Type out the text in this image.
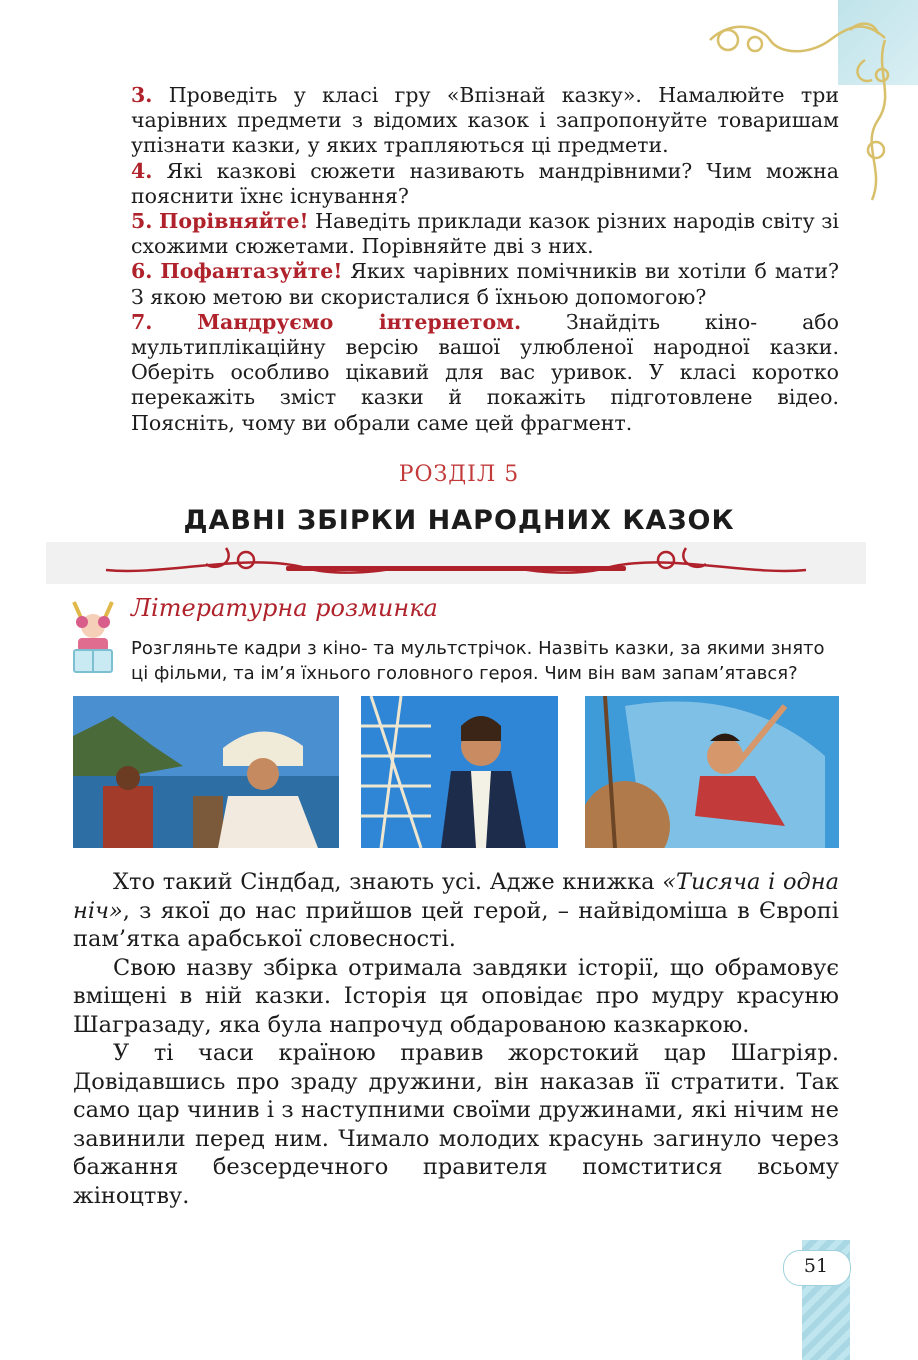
3. Проведіть у класі гру «Впізнай казку». Намалюйте три чарівних предмети з відомих казок і запропонуйте товаришам упізнати казки, у яких трапляються ці предмети.

4. Які казкові сюжети називають мандрівними? Чим можна пояснити їхнє існування?

5. Порівняйте! Наведіть приклади казок різних народів світу зі схожими сюжетами. Порівняйте дві з них.

6. Пофантазуйте! Яких чарівних помічників ви хотіли б мати? З якою метою ви скористалися б їхньою допомогою?

7. Мандруємо інтернетом. Знайдіть кіно- або мультиплікаційну версію вашої улюбленої народної казки. Оберіть особливо цікавий для вас уривок. У класі коротко перекажіть зміст казки й покажіть підготовлене відео. Поясніть, чому ви обрали саме цей фрагмент.

РОЗДІЛ 5
ДАВНІ ЗБІРКИ НАРОДНИХ КАЗОК
Літературна розминка
Розгляньте кадри з кіно- та мультстрічок. Назвіть казки, за якими знято ці фільми, та ім’я їхнього головного героя. Чим він вам запам’ятався?

Хто такий Сіндбад, знають усі. Адже книжка «Тисяча і одна ніч», з якої до нас прийшов цей герой, – найвідоміша в Європі пам’ятка арабської словесності.

Свою назву збірка отримала завдяки історії, що обрамовує вміщені в ній казки. Історія ця оповідає про мудру красуню Шагразаду, яка була напрочуд обдарованою казкаркою.

У ті часи країною правив жорстокий цар Шагріяр. Довідавшись про зраду дружини, він наказав її стратити. Так само цар чинив і з наступними своїми дружинами, які нічим не завинили перед ним. Чимало молодих красунь загинуло через бажання безсердечного правителя помститися всьому жіноцтву.

51
